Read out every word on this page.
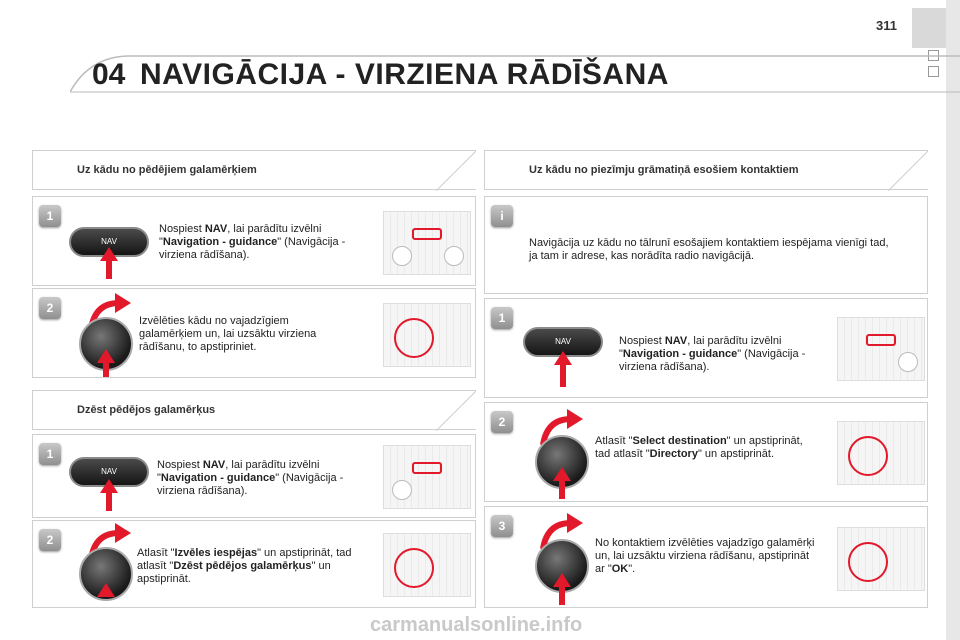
311
04 NAVIGĀCIJA - VIRZIENA RĀDĪŠANA
Uz kādu no pēdējiem galamērķiem
1
NAV
Nospiest NAV, lai parādītu izvēlni "Navigation - guidance" (Navigācija - virziena rādīšana).
2
Izvēlēties kādu no vajadzīgiem galamērķiem un, lai uzsāktu virziena rādīšanu, to apstipriniet.
Dzēst pēdējos galamērķus
1
NAV
Nospiest NAV, lai parādītu izvēlni "Navigation - guidance" (Navigācija - virziena rādīšana).
2
Atlasīt "Izvēles iespējas" un apstiprināt, tad atlasīt "Dzēst pēdējos galamērķus" un apstiprināt.
Uz kādu no piezīmju grāmatiņā esošiem kontaktiem
i
Navigācija uz kādu no tālrunī esošajiem kontaktiem iespējama vienīgi tad, ja tam ir adrese, kas norādīta radio navigācijā.
1
NAV	Nospiest NAV, lai parādītu izvēlni "Navigation - guidance" (Navigācija - virziena rādīšana).
2
Atlasīt "Select destination" un apstiprināt, tad atlasīt "Directory" un apstiprināt.
3
No kontaktiem izvēlēties vajadzīgo galamērķi un, lai uzsāktu virziena rādīšanu, apstiprināt ar "OK".
carmanualsonline.info
